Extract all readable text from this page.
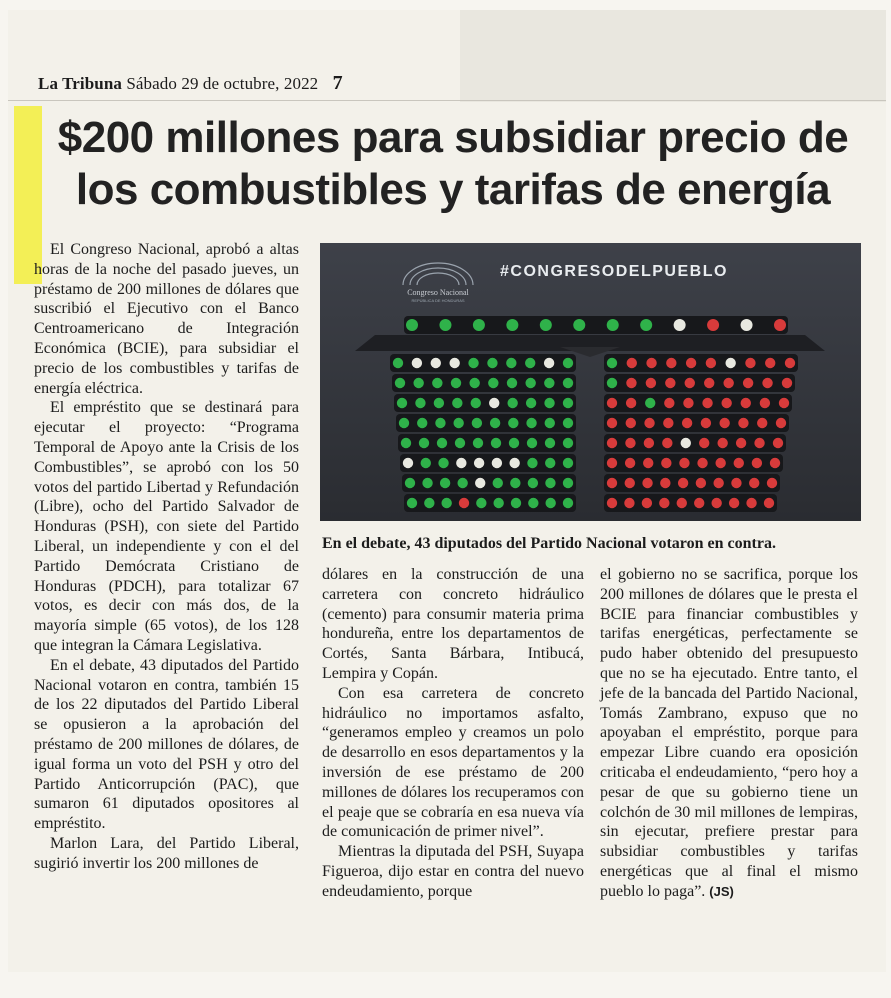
La Tribuna Sábado 29 de octubre, 2022 7
$200 millones para subsidiar precio de los combustibles y tarifas de energía

El Congreso Nacional, aprobó a altas horas de la noche del pasado jueves, un préstamo de 200 millones de dólares que suscribió el Ejecutivo con el Banco Centroamericano de Integración Económica (BCIE), para subsidiar el precio de los combustibles y tarifas de energía eléctrica.

El empréstito que se destinará para ejecutar el proyecto: “Programa Temporal de Apoyo ante la Crisis de los Combustibles”, se aprobó con los 50 votos del partido Libertad y Refundación (Libre), ocho del Partido Salvador de Honduras (PSH), con siete del Partido Liberal, un independiente y con el del Partido Demócrata Cristiano de Honduras (PDCH), para totalizar 67 votos, es decir con más dos, de la mayoría simple (65 votos), de los 128 que integran la Cámara Legislativa.

En el debate, 43 diputados del Partido Nacional votaron en contra, también 15 de los 22 diputados del Partido Liberal se opusieron a la aprobación del préstamo de 200 millones de dólares, de igual forma un voto del PSH y otro del Partido Anticorrupción (PAC), que sumaron 61 diputados opositores al empréstito.

Marlon Lara, del Partido Liberal, sugirió invertir los 200 millones de

Congreso Nacional
REPÚBLICA DE HONDURAS
#CONGRESODELPUEBLO
En el debate, 43 diputados del Partido Nacional votaron en contra.

dólares en la construcción de una carretera con concreto hidráulico (cemento) para consumir materia prima hondureña, entre los departamentos de Cortés, Santa Bárbara, Intibucá, Lempira y Copán.

Con esa carretera de concreto hidráulico no importamos asfalto, “generamos empleo y creamos un polo de desarrollo en esos departamentos y la inversión de ese préstamo de 200 millones de dólares los recuperamos con el peaje que se cobraría en esa nueva vía de comunicación de primer nivel”.

Mientras la diputada del PSH, Suyapa Figueroa, dijo estar en contra del nuevo endeudamiento, porque

el gobierno no se sacrifica, porque los 200 millones de dólares que le presta el BCIE para financiar combustibles y tarifas energéticas, perfectamente se pudo haber obtenido del presupuesto que no se ha ejecutado. Entre tanto, el jefe de la bancada del Partido Nacional, Tomás Zambrano, expuso que no apoyaban el empréstito, porque para empezar Libre cuando era oposición criticaba el endeudamiento, “pero hoy a pesar de que su gobierno tiene un colchón de 30 mil millones de lempiras, sin ejecutar, prefiere prestar para subsidiar combustibles y tarifas energéticas que al final el mismo pueblo lo paga”. (JS)
